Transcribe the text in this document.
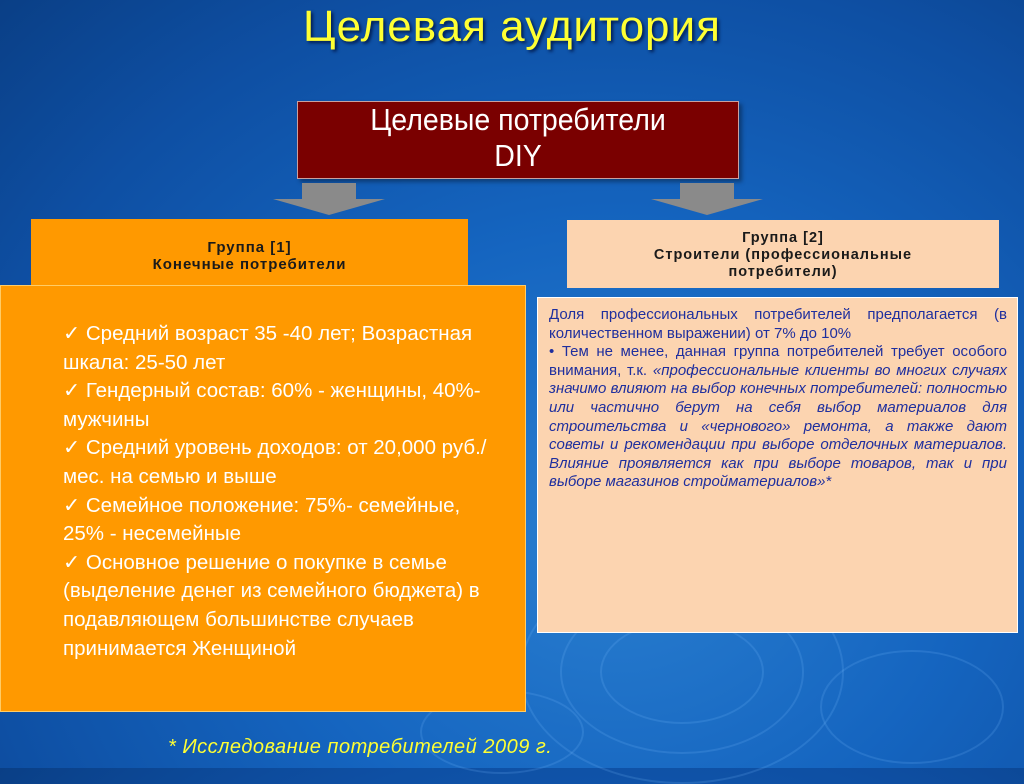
Целевая аудитория
Целевые потребители
DIY
Группа [1]
Конечные потребители
✓ Средний возраст 35 -40 лет; Возрастная шкала: 25-50 лет
✓ Гендерный состав: 60% - женщины, 40%-мужчины
✓ Средний уровень доходов: от 20,000 руб./мес. на семью и выше
✓ Семейное положение: 75%- семейные, 25% - несемейные
✓ Основное решение о покупке в семье (выделение денег из семейного бюджета) в подавляющем большинстве случаев принимается Женщиной
Группа [2]
Строители (профессиональные
потребители)
Доля профессиональных потребителей предполагается (в количественном выражении) от 7% до 10%
• Тем не менее, данная группа потребителей требует особого внимания, т.к. «профессиональные клиенты во многих случаях значимо влияют на выбор конечных потребителей: полностью или частично берут на себя выбор материалов для строительства и «чернового» ремонта, а также дают советы и рекомендации при выборе отделочных материалов. Влияние проявляется как при выборе товаров, так и при выборе магазинов стройматериалов»*
* Исследование потребителей 2009 г.
